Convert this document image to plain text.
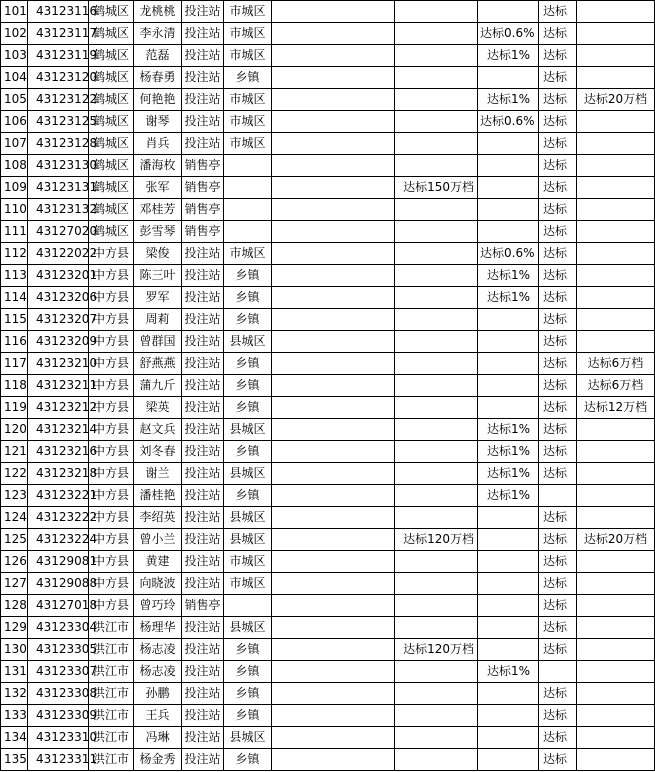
101	43123116	鹤城区	龙桃桃	投注站	市城区				达标	
102	43123117	鹤城区	李永清	投注站	市城区			达标0.6%	达标	
103	43123119	鹤城区	范磊	投注站	市城区			达标1%	达标	
104	43123120	鹤城区	杨春勇	投注站	乡镇				达标	
105	43123122	鹤城区	何艳艳	投注站	市城区			达标1%	达标	达标20万档
106	43123125	鹤城区	谢琴	投注站	市城区			达标0.6%	达标	
107	43123128	鹤城区	肖兵	投注站	市城区				达标	
108	43123130	鹤城区	潘海枚	销售亭					达标	
109	43123131	鹤城区	张军	销售亭			达标150万档		达标	
110	43123132	鹤城区	邓桂芳	销售亭					达标	
111	43127020	鹤城区	彭雪琴	销售亭					达标	
112	43122022	中方县	梁俊	投注站	市城区			达标0.6%	达标	
113	43123201	中方县	陈三叶	投注站	乡镇			达标1%	达标	
114	43123206	中方县	罗军	投注站	乡镇			达标1%	达标	
115	43123207	中方县	周莉	投注站	乡镇				达标	
116	43123209	中方县	曾群国	投注站	县城区				达标	
117	43123210	中方县	舒燕燕	投注站	乡镇				达标	达标6万档
118	43123211	中方县	蒲九斤	投注站	乡镇				达标	达标6万档
119	43123212	中方县	梁英	投注站	乡镇				达标	达标12万档
120	43123214	中方县	赵文兵	投注站	县城区			达标1%	达标	
121	43123216	中方县	刘冬春	投注站	乡镇			达标1%	达标	
122	43123218	中方县	谢兰	投注站	县城区			达标1%	达标	
123	43123221	中方县	潘桂艳	投注站	乡镇			达标1%		
124	43123222	中方县	李绍英	投注站	县城区				达标	
125	43123224	中方县	曾小兰	投注站	县城区		达标120万档		达标	达标20万档
126	43129081	中方县	黄建	投注站	市城区				达标	
127	43129088	中方县	向晓波	投注站	市城区				达标	
128	43127018	中方县	曾巧玲	销售亭					达标	
129	43123304	洪江市	杨理华	投注站	县城区				达标	
130	43123305	洪江市	杨志凌	投注站	乡镇		达标120万档		达标	
131	43123307	洪江市	杨志凌	投注站	乡镇			达标1%		
132	43123308	洪江市	孙鹏	投注站	乡镇				达标	
133	43123309	洪江市	王兵	投注站	乡镇				达标	
134	43123310	洪江市	冯琳	投注站	县城区				达标	
135	43123311	洪江市	杨金秀	投注站	乡镇				达标	
